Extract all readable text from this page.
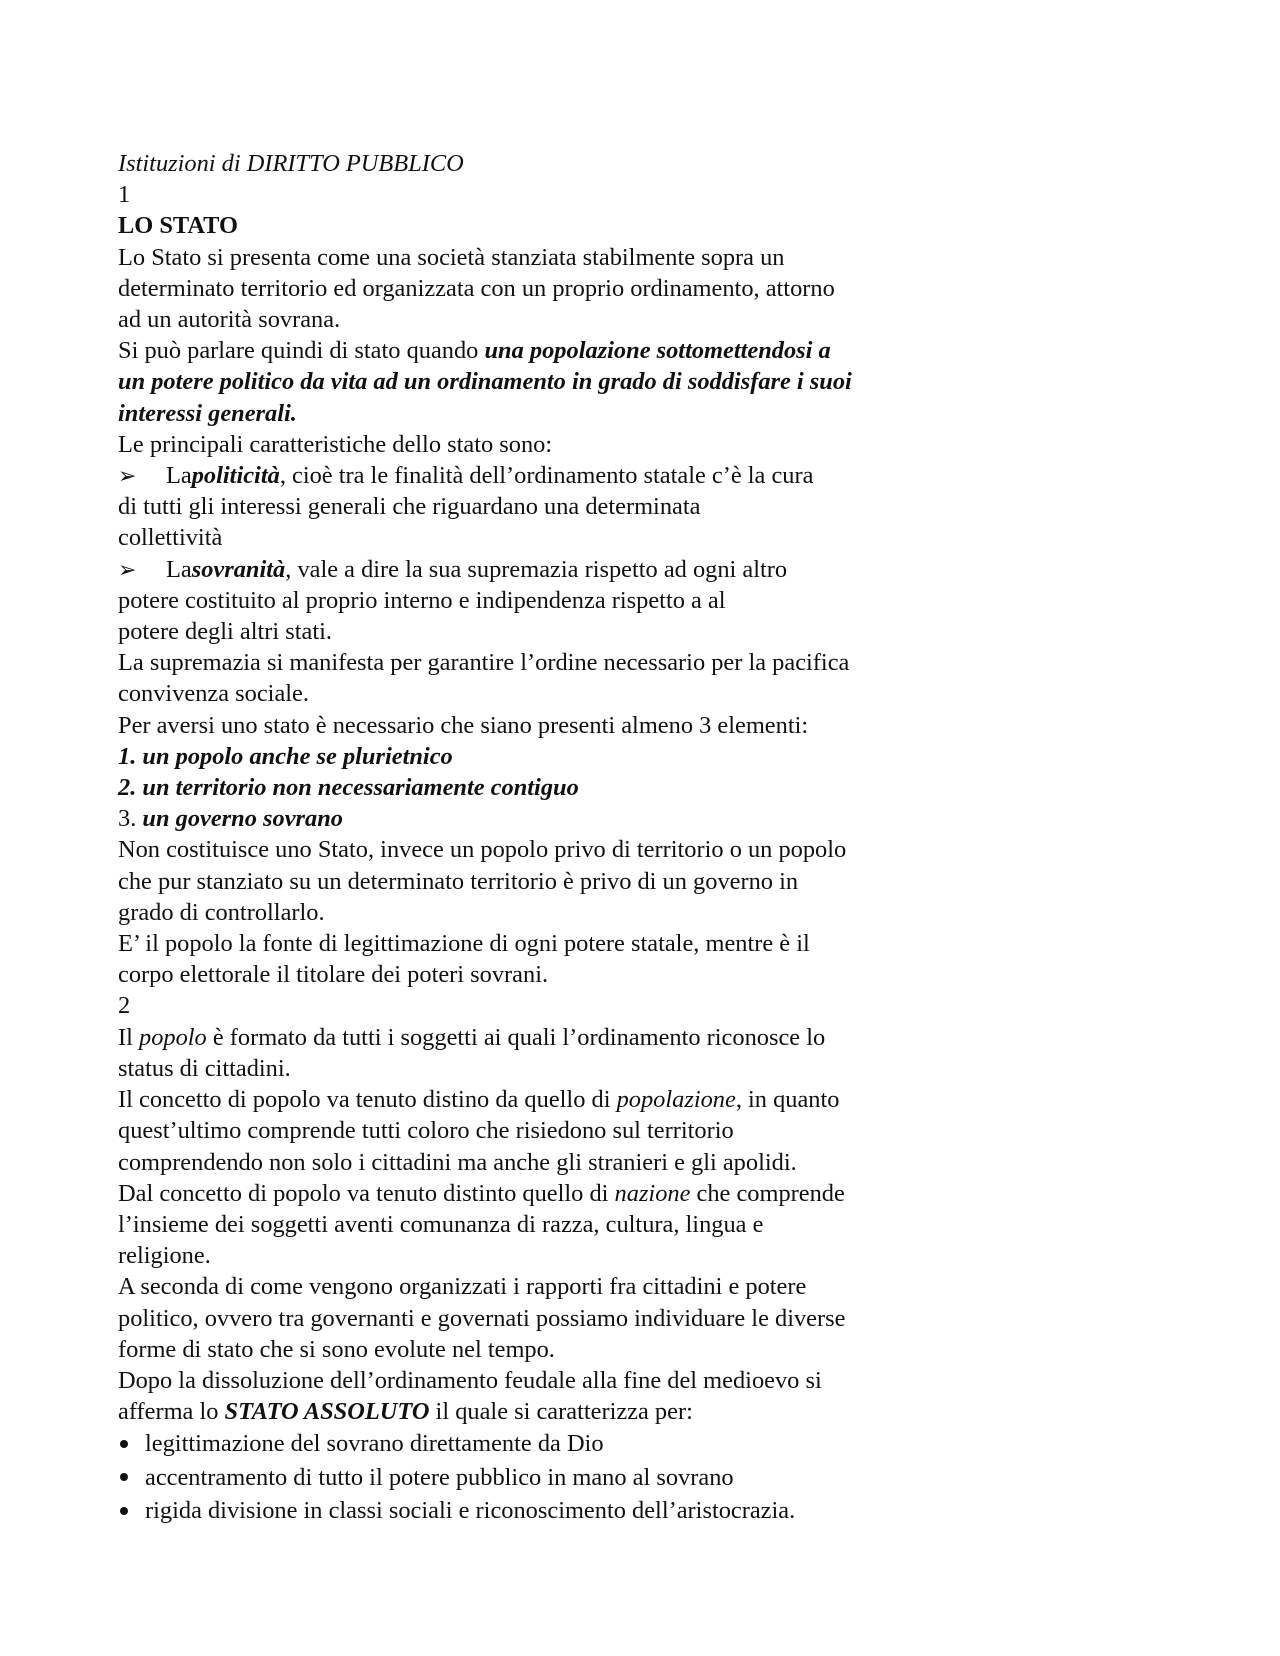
Istituzioni di DIRITTO PUBBLICO
1
LO STATO
Lo Stato si presenta come una società stanziata stabilmente sopra un
determinato territorio ed organizzata con un proprio ordinamento, attorno
ad un autorità sovrana.
Si può parlare quindi di stato quando una popolazione sottomettendosi a
un potere politico da vita ad un ordinamento in grado di soddisfare i suoi
interessi generali.
Le principali caratteristiche dello stato sono:
➢	La politicità , cioè tra le finalità dell’ordinamento statale c’è la cura
di tutti gli interessi generali che riguardano una determinata
collettività
➢	La sovranità , vale a dire la sua supremazia rispetto ad ogni altro
potere costituito al proprio interno e indipendenza rispetto a al
potere degli altri stati.
La supremazia si manifesta per garantire l’ordine necessario per la pacifica
convivenza sociale.
Per aversi uno stato è necessario che siano presenti almeno 3 elementi:
1. un popolo anche se plurietnico
2. un territorio non necessariamente contiguo
3. un governo sovrano
Non costituisce uno Stato, invece un popolo privo di territorio o un popolo
che pur stanziato su un determinato territorio è privo di un governo in
grado di controllarlo.
E’ il popolo la fonte di legittimazione di ogni potere statale, mentre è il
corpo elettorale il titolare dei poteri sovrani.
2
Il popolo è formato da tutti i soggetti ai quali l’ordinamento riconosce lo
status di cittadini.
Il concetto di popolo va tenuto distino da quello di popolazione, in quanto
quest’ultimo comprende tutti coloro che risiedono sul territorio
comprendendo non solo i cittadini ma anche gli stranieri e gli apolidi.
Dal concetto di popolo va tenuto distinto quello di nazione che comprende
l’insieme dei soggetti aventi comunanza di razza, cultura, lingua e
religione.
A seconda di come vengono organizzati i rapporti fra cittadini e potere
politico, ovvero tra governanti e governati possiamo individuare le diverse
forme di stato che si sono evolute nel tempo.
Dopo la dissoluzione dell’ordinamento feudale alla fine del medioevo si
afferma lo STATO ASSOLUTO il quale si caratterizza per:
legittimazione del sovrano direttamente da Dio
accentramento di tutto il potere pubblico in mano al sovrano
rigida divisione in classi sociali e riconoscimento dell’aristocrazia.
